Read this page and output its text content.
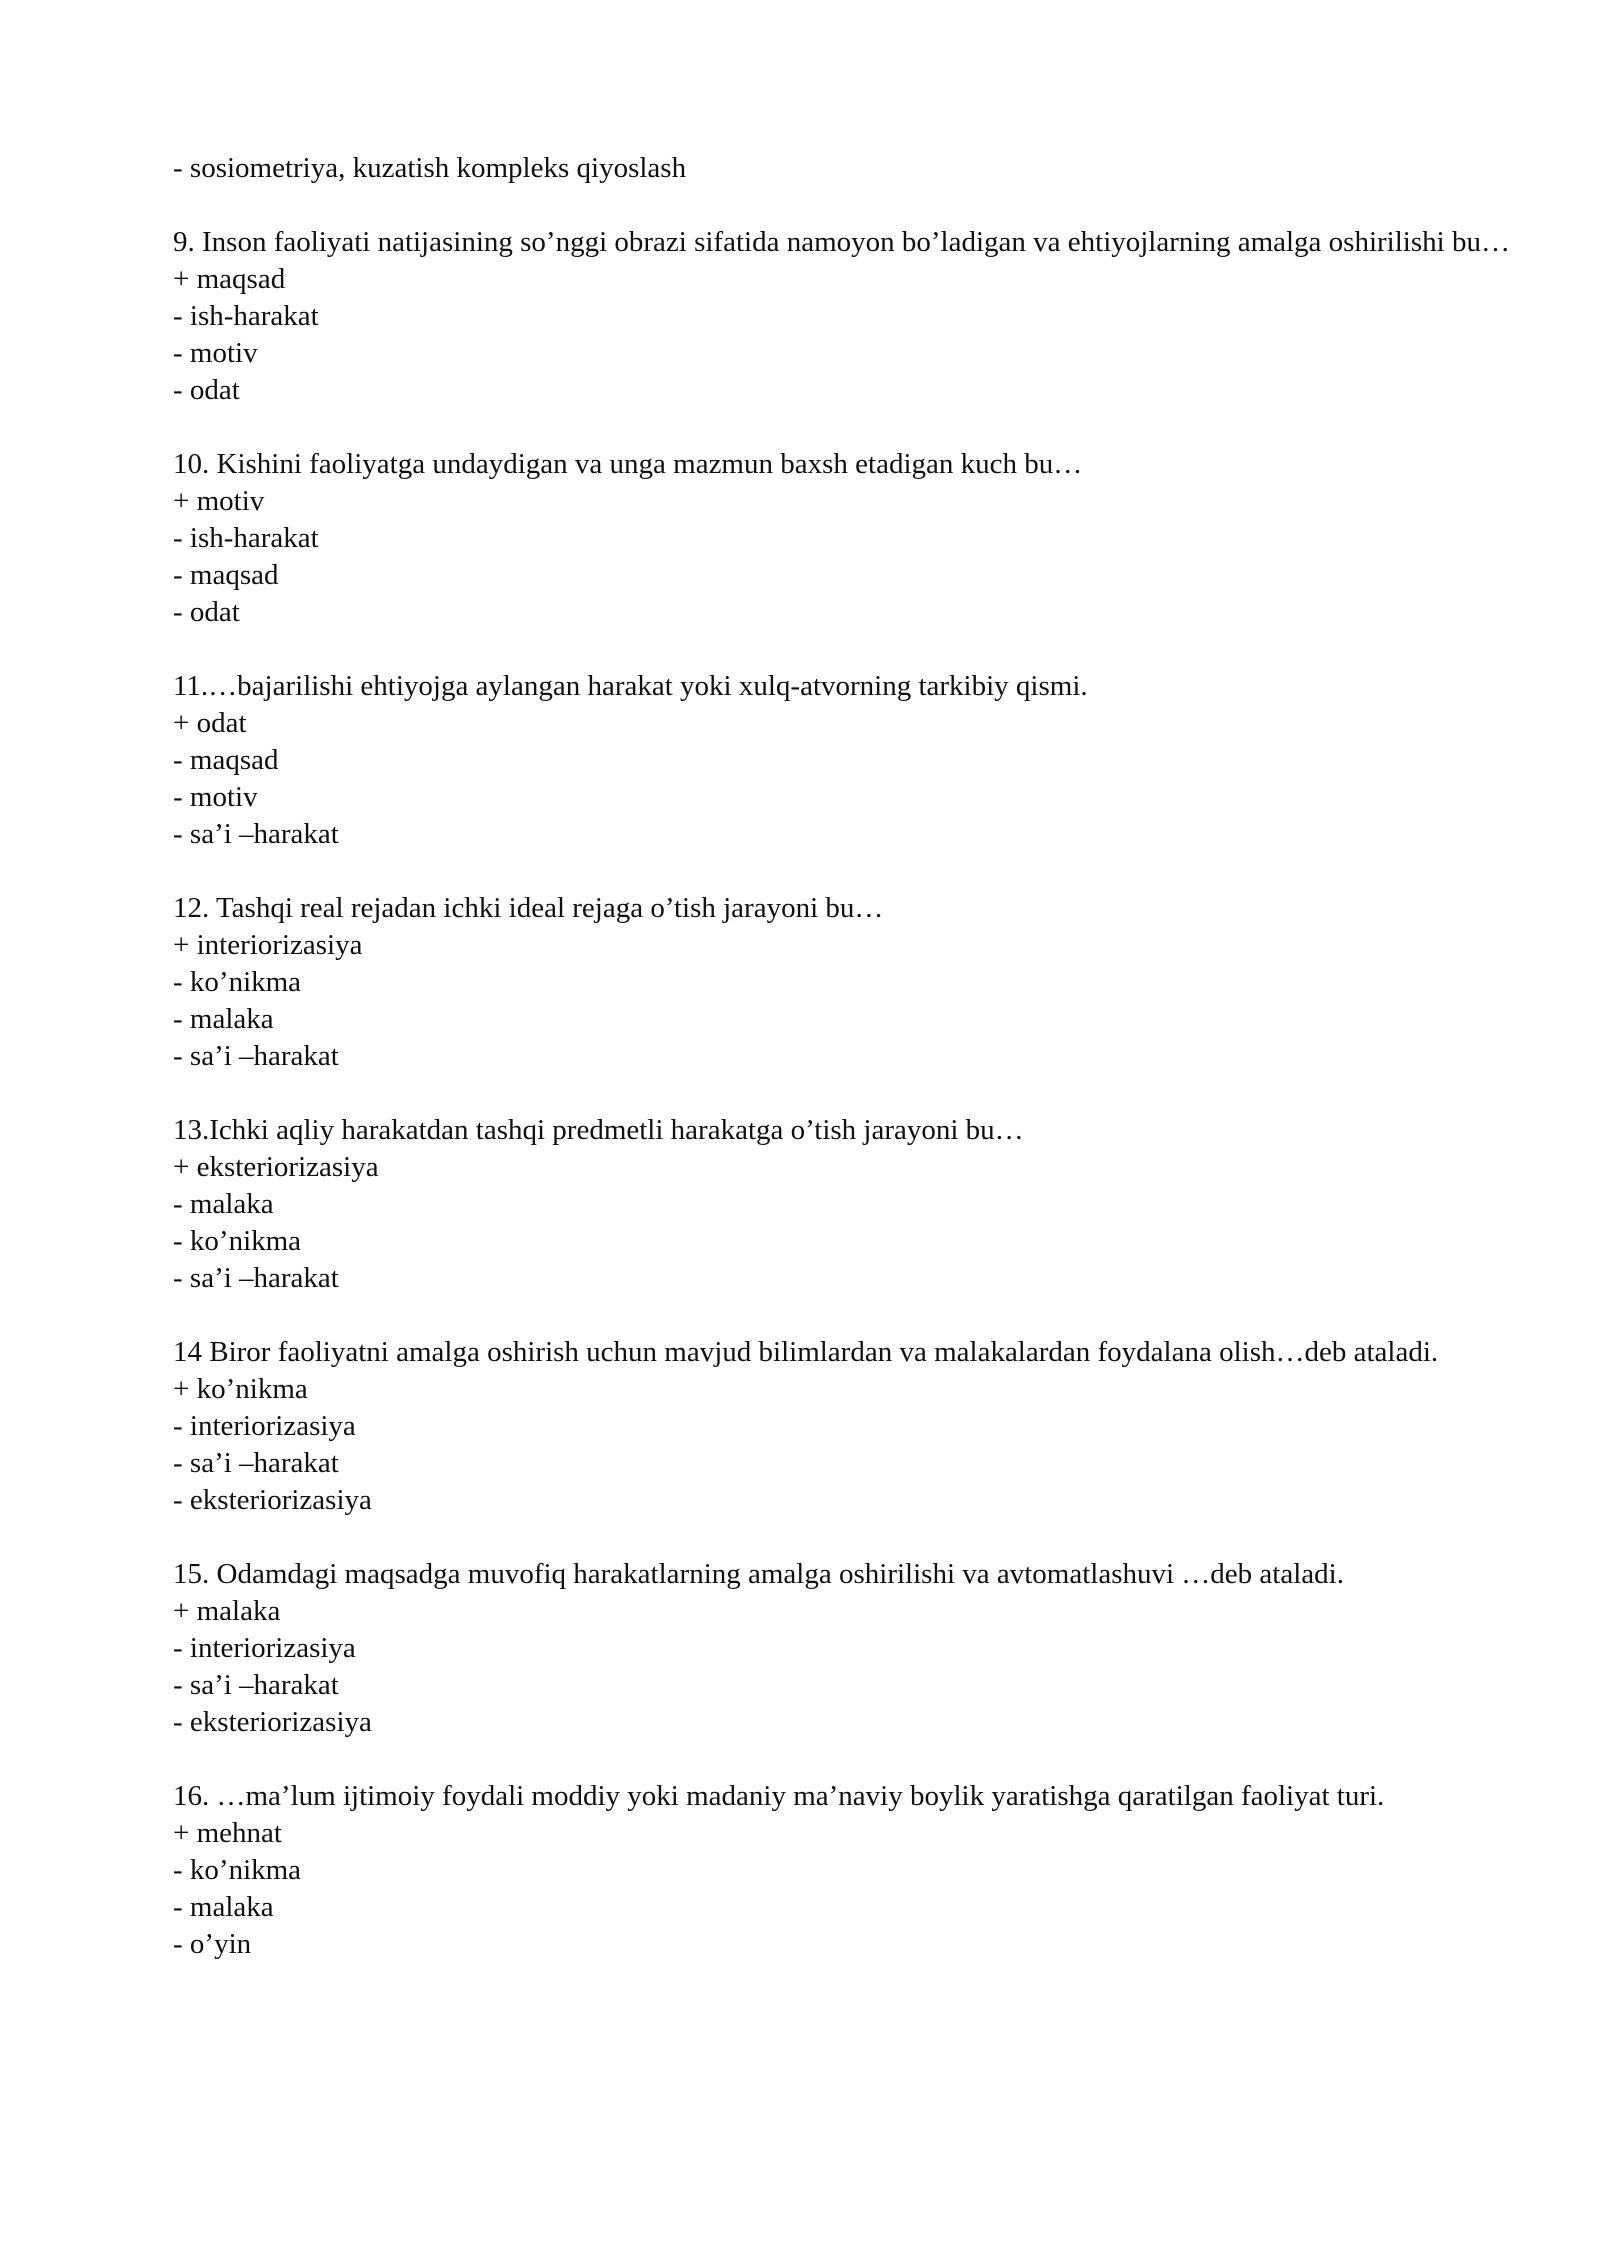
- sosiometriya, kuzatish kompleks qiyoslash

9. Inson faoliyati natijasining so’nggi obrazi sifatida namoyon bo’ladigan va ehtiyojlarning amalga oshirilishi bu…

+ maqsad
- ish-harakat
- motiv
- odat

10. Kishini faoliyatga undaydigan va unga mazmun baxsh etadigan kuch bu…

+ motiv
- ish-harakat
- maqsad
- odat

11.…bajarilishi ehtiyojga aylangan harakat yoki xulq-atvorning tarkibiy qismi.

+ odat
- maqsad
- motiv
- sa’i –harakat

12. Tashqi real rejadan ichki ideal rejaga o’tish jarayoni bu…

+ interiorizasiya
- ko’nikma
- malaka
- sa’i –harakat

13.Ichki aqliy harakatdan tashqi predmetli harakatga o’tish jarayoni bu…

+ eksteriorizasiya
- malaka
- ko’nikma
- sa’i –harakat

14 Biror faoliyatni amalga oshirish uchun mavjud bilimlardan va malakalardan foydalana olish…deb ataladi.

+ ko’nikma
- interiorizasiya
- sa’i –harakat
- eksteriorizasiya

15. Odamdagi maqsadga muvofiq harakatlarning amalga oshirilishi va avtomatlashuvi …deb ataladi.

+ malaka
- interiorizasiya
- sa’i –harakat
- eksteriorizasiya

16. …ma’lum ijtimoiy foydali moddiy yoki madaniy ma’naviy boylik yaratishga qaratilgan faoliyat turi.

+ mehnat
- ko’nikma
- malaka
- o’yin
